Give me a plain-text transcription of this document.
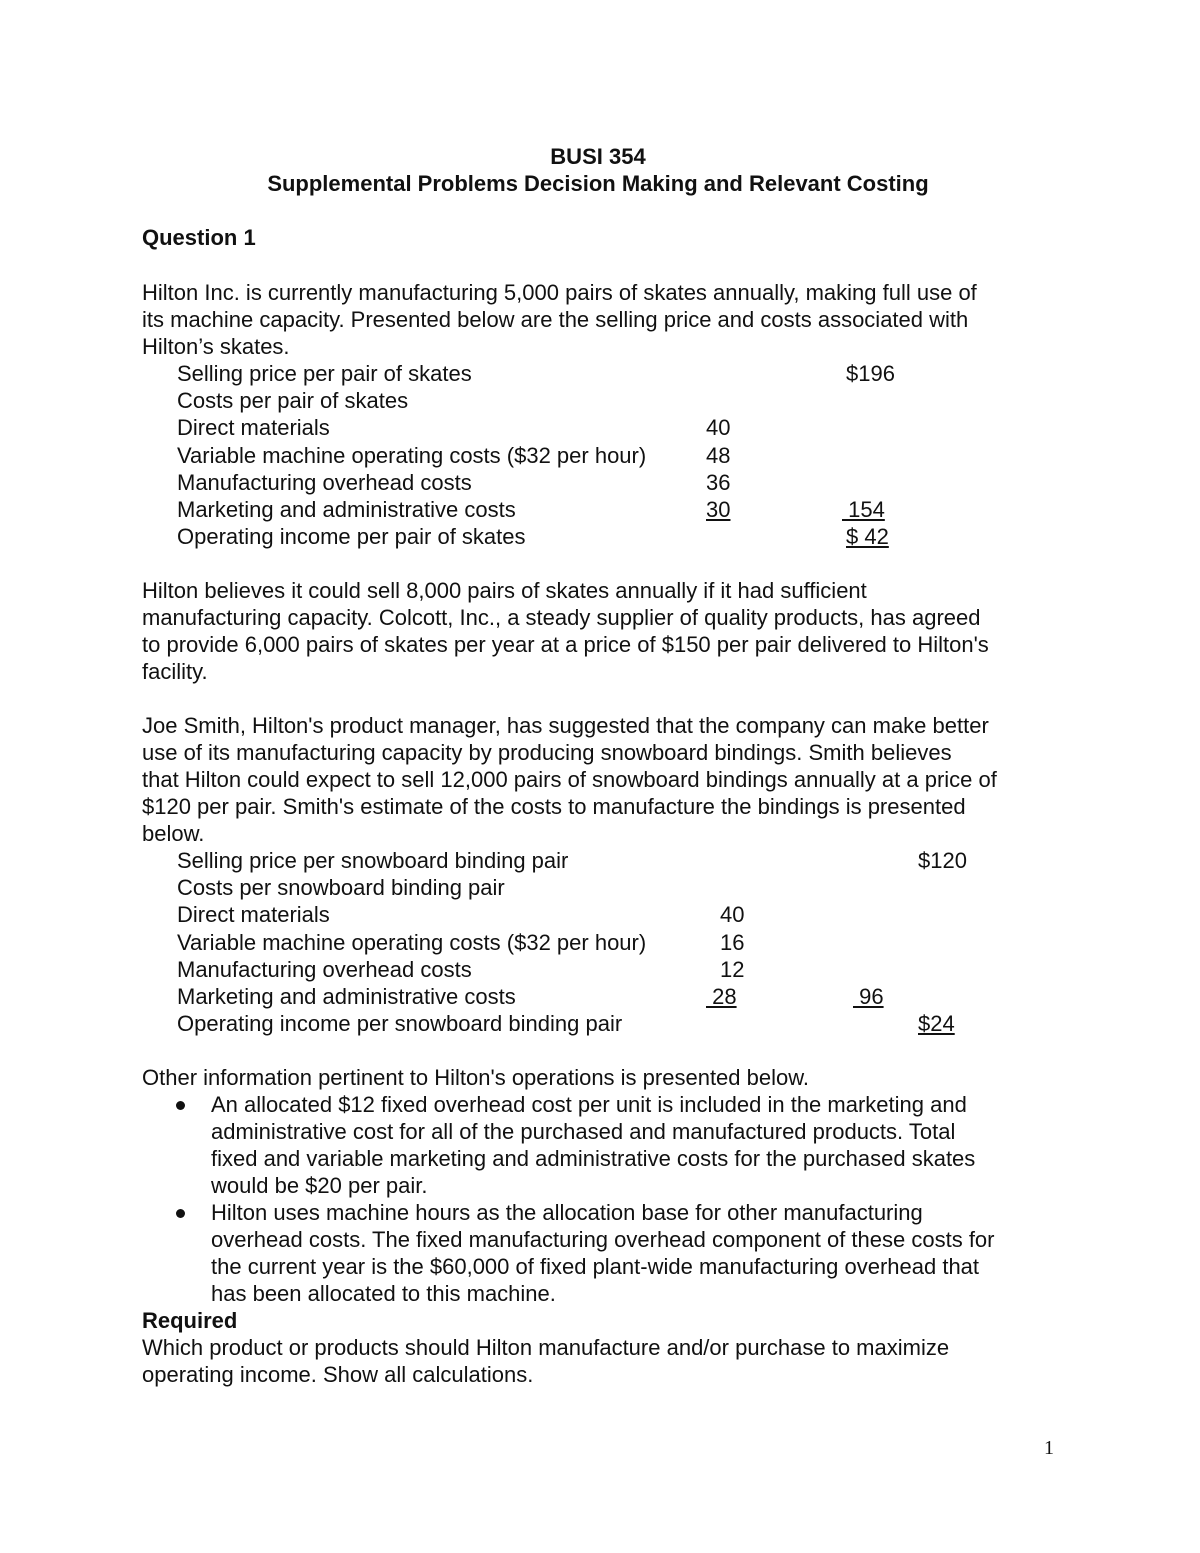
BUSI 354
Supplemental Problems Decision Making and Relevant Costing
Question 1
Hilton Inc. is currently manufacturing 5,000 pairs of skates annually, making full use of
its machine capacity. Presented below are the selling price and costs associated with
Hilton’s skates.
Selling price per pair of skates	$196
Costs per pair of skates
Direct materials	40
Variable machine operating costs ($32 per hour)	48
Manufacturing overhead costs	36
Marketing and administrative costs	30	154
Operating income per pair of skates	$ 42
Hilton believes it could sell 8,000 pairs of skates annually if it had sufficient
manufacturing capacity. Colcott, Inc., a steady supplier of quality products, has agreed
to provide 6,000 pairs of skates per year at a price of $150 per pair delivered to Hilton's
facility.
Joe Smith, Hilton's product manager, has suggested that the company can make better
use of its manufacturing capacity by producing snowboard bindings. Smith believes
that Hilton could expect to sell 12,000 pairs of snowboard bindings annually at a price of
$120 per pair. Smith's estimate of the costs to manufacture the bindings is presented
below.
Selling price per snowboard binding pair	$120
Costs per snowboard binding pair
Direct materials	40
Variable machine operating costs ($32 per hour)	16
Manufacturing overhead costs	12
Marketing and administrative costs	28	96
Operating income per snowboard binding pair	$24
Other information pertinent to Hilton's operations is presented below.
An allocated $12 fixed overhead cost per unit is included in the marketing and
administrative cost for all of the purchased and manufactured products. Total
fixed and variable marketing and administrative costs for the purchased skates
would be $20 per pair.
Hilton uses machine hours as the allocation base for other manufacturing
overhead costs. The fixed manufacturing overhead component of these costs for
the current year is the $60,000 of fixed plant-wide manufacturing overhead that
has been allocated to this machine.
Required
Which product or products should Hilton manufacture and/or purchase to maximize
operating income. Show all calculations.
1
